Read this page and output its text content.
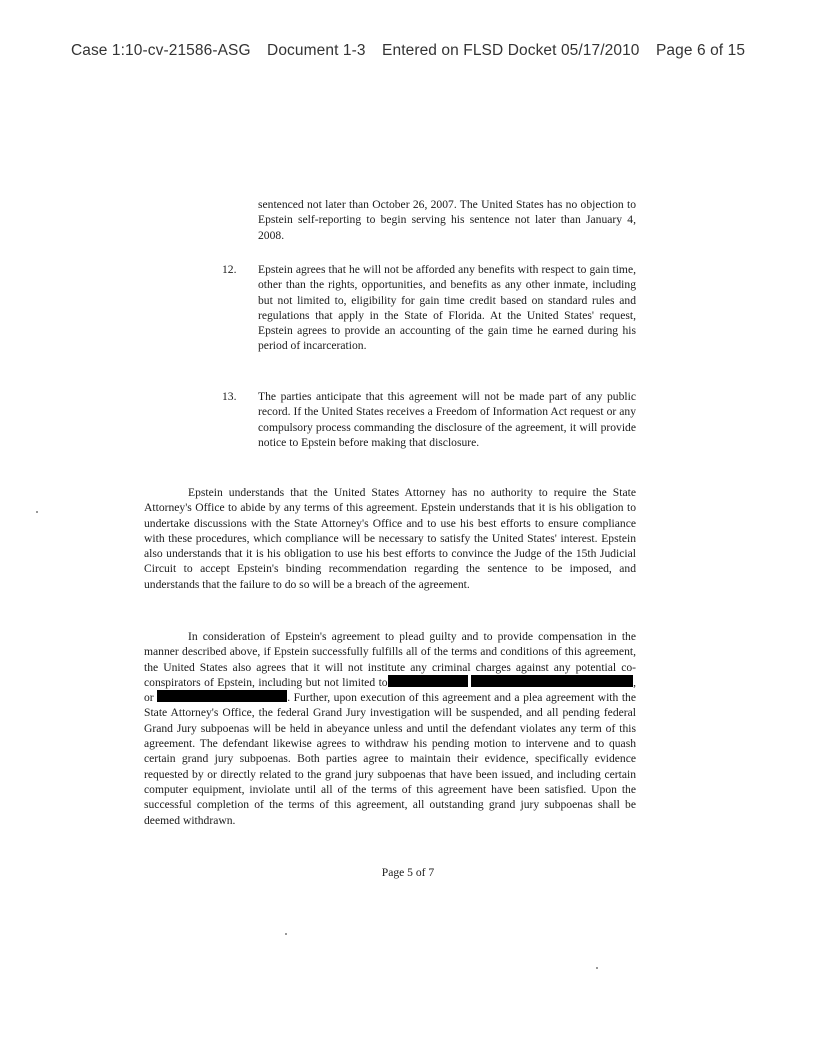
Case 1:10-cv-21586-ASG Document 1-3 Entered on FLSD Docket 05/17/2010 Page 6 of 15
sentenced not later than October 26, 2007. The United States has no objection to Epstein self-reporting to begin serving his sentence not later than January 4, 2008.
12. Epstein agrees that he will not be afforded any benefits with respect to gain time, other than the rights, opportunities, and benefits as any other inmate, including but not limited to, eligibility for gain time credit based on standard rules and regulations that apply in the State of Florida. At the United States' request, Epstein agrees to provide an accounting of the gain time he earned during his period of incarceration.
13. The parties anticipate that this agreement will not be made part of any public record. If the United States receives a Freedom of Information Act request or any compulsory process commanding the disclosure of the agreement, it will provide notice to Epstein before making that disclosure.
Epstein understands that the United States Attorney has no authority to require the State Attorney's Office to abide by any terms of this agreement. Epstein understands that it is his obligation to undertake discussions with the State Attorney's Office and to use his best efforts to ensure compliance with these procedures, which compliance will be necessary to satisfy the United States' interest. Epstein also understands that it is his obligation to use his best efforts to convince the Judge of the 15th Judicial Circuit to accept Epstein's binding recommendation regarding the sentence to be imposed, and understands that the failure to do so will be a breach of the agreement.
In consideration of Epstein's agreement to plead guilty and to provide compensation in the manner described above, if Epstein successfully fulfills all of the terms and conditions of this agreement, the United States also agrees that it will not institute any criminal charges against any potential co-conspirators of Epstein, including but not limited to	, or	. Further, upon execution of this agreement and a plea agreement with the State Attorney's Office, the federal Grand Jury investigation will be suspended, and all pending federal Grand Jury subpoenas will be held in abeyance unless and until the defendant violates any term of this agreement. The defendant likewise agrees to withdraw his pending motion to intervene and to quash certain grand jury subpoenas. Both parties agree to maintain their evidence, specifically evidence requested by or directly related to the grand jury subpoenas that have been issued, and including certain computer equipment, inviolate until all of the terms of this agreement have been satisfied. Upon the successful completion of the terms of this agreement, all outstanding grand jury subpoenas shall be deemed withdrawn.
Page 5 of 7
